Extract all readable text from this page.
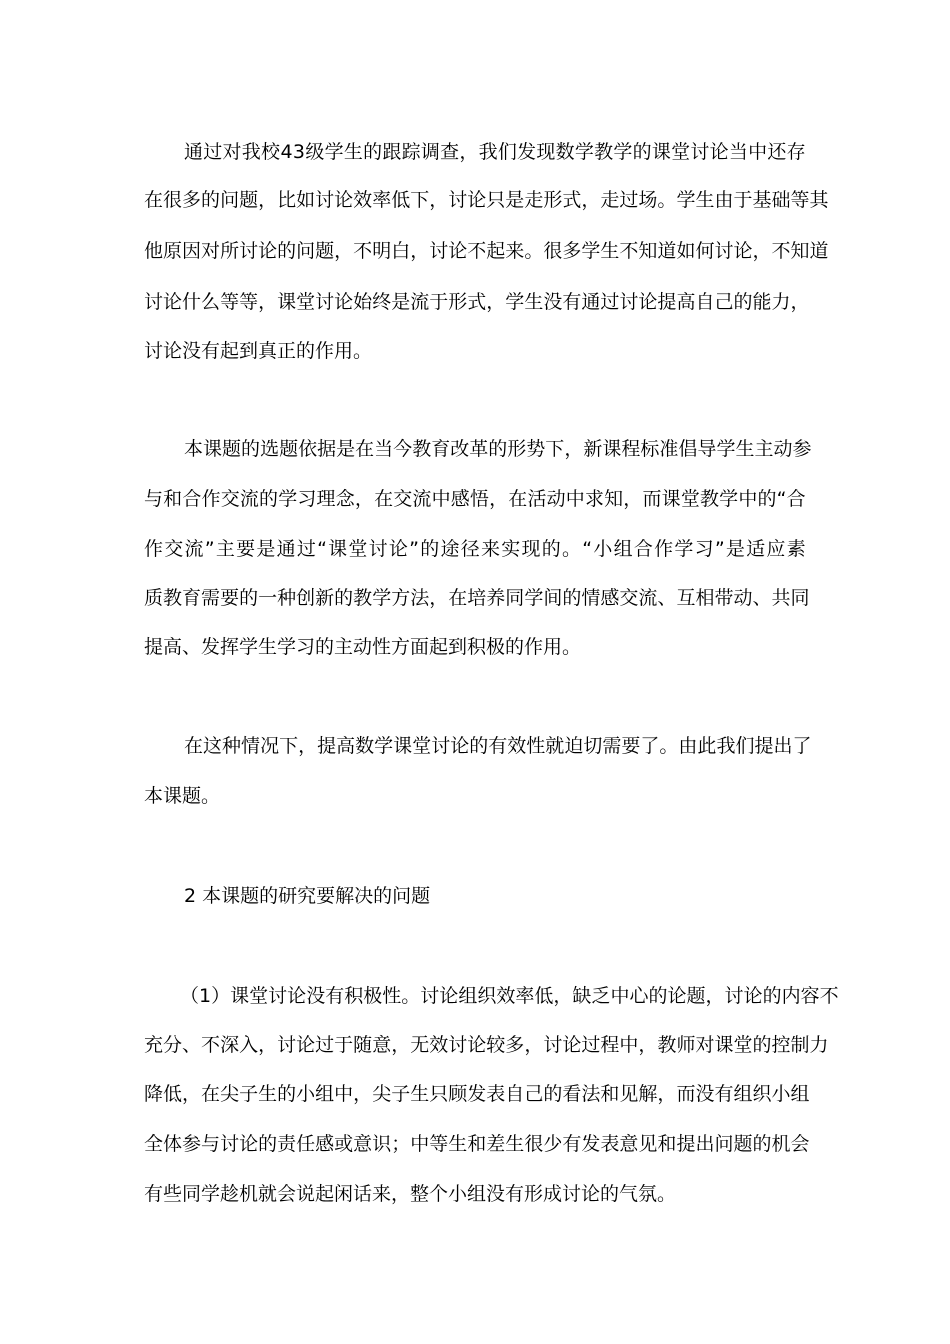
通 过 对 我 校 4 3 级 学 生 的 跟 踪 调 查 ， 我 们 发 现 数 学 教 学 的 课 堂 讨 论 当 中 还 存
在 很 多 的 问 题 ， 比 如 讨 论 效 率 低 下 ， 讨 论 只 是 走 形 式 ， 走 过 场 。 学 生 由 于 基 础 等 其
他 原 因 对 所 讨 论 的 问 题 ， 不 明 白 ， 讨 论 不 起 来 。 很 多 学 生 不 知 道 如 何 讨 论 ， 不 知 道
讨 论 什 么 等 等 ， 课 堂 讨 论 始 终 是 流 于 形 式 ， 学 生 没 有 通 过 讨 论 提 高 自 己 的 能 力 ，
讨论没有起到真正的作用。
本 课 题 的 选 题 依 据 是 在 当 今 教 育 改 革 的 形 势 下 ， 新 课 程 标 准 倡 导 学 生 主 动 参
与 和 合 作 交 流 的 学 习 理 念 ， 在 交 流 中 感 悟 ， 在 活 动 中 求 知 ， 而 课 堂 教 学 中 的 “ 合
作 交 流 ” 主 要 是 通 过 “ 课 堂 讨 论 ” 的 途 径 来 实 现 的 。 “ 小 组 合 作 学 习 ” 是 适 应 素
质 教 育 需 要 的 一 种 创 新 的 教 学 方 法 ， 在 培 养 同 学 间 的 情 感 交 流 、 互 相 带 动 、 共 同
提高、发挥学生学习的主动性方面起到积极的作用。
在 这 种 情 况 下 ， 提 高 数 学 课 堂 讨 论 的 有 效 性 就 迫 切 需 要 了 。 由 此 我 们 提 出 了
本课题。
2 本课题的研究要解决的问题
（ 1 ） 课 堂 讨 论 没 有 积 极 性 。 讨 论 组 织 效 率 低 ， 缺 乏 中 心 的 论 题 ， 讨 论 的 内 容 不
充 分 、 不 深 入 ， 讨 论 过 于 随 意 ， 无 效 讨 论 较 多 ， 讨 论 过 程 中 ， 教 师 对 课 堂 的 控 制 力
降 低 ， 在 尖 子 生 的 小 组 中 ， 尖 子 生 只 顾 发 表 自 己 的 看 法 和 见 解 ， 而 没 有 组 织 小 组
全 体 参 与 讨 论 的 责 任 感 或 意 识 ； 中 等 生 和 差 生 很 少 有 发 表 意 见 和 提 出 问 题 的 机 会
有些同学趁机就会说起闲话来，整个小组没有形成讨论的气氛。
